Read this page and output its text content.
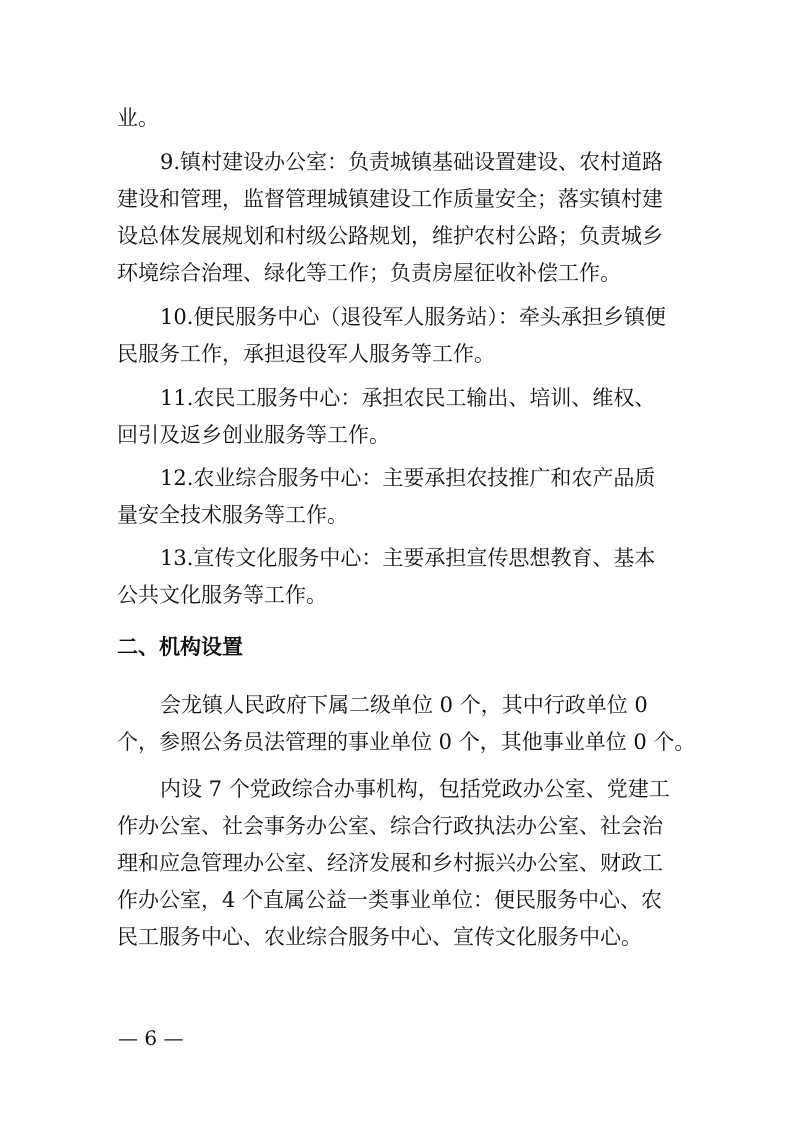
业。
9.镇村建设办公室：负责城镇基础设置建设、农村道路
建设和管理，监督管理城镇建设工作质量安全；落实镇村建
设总体发展规划和村级公路规划，维护农村公路；负责城乡
环境综合治理、绿化等工作；负责房屋征收补偿工作。
10.便民服务中心（退役军人服务站）：牵头承担乡镇便
民服务工作，承担退役军人服务等工作。
11.农民工服务中心：承担农民工输出、培训、维权、
回引及返乡创业服务等工作。
12.农业综合服务中心：主要承担农技推广和农产品质
量安全技术服务等工作。
13.宣传文化服务中心：主要承担宣传思想教育、基本
公共文化服务等工作。
二、机构设置
会龙镇人民政府下属二级单位 0 个，其中行政单位 0
个，参照公务员法管理的事业单位 0 个，其他事业单位 0 个。
内设 7 个党政综合办事机构，包括党政办公室、党建工
作办公室、社会事务办公室、综合行政执法办公室、社会治
理和应急管理办公室、经济发展和乡村振兴办公室、财政工
作办公室，4 个直属公益一类事业单位：便民服务中心、农
民工服务中心、农业综合服务中心、宣传文化服务中心。
— 6 —
